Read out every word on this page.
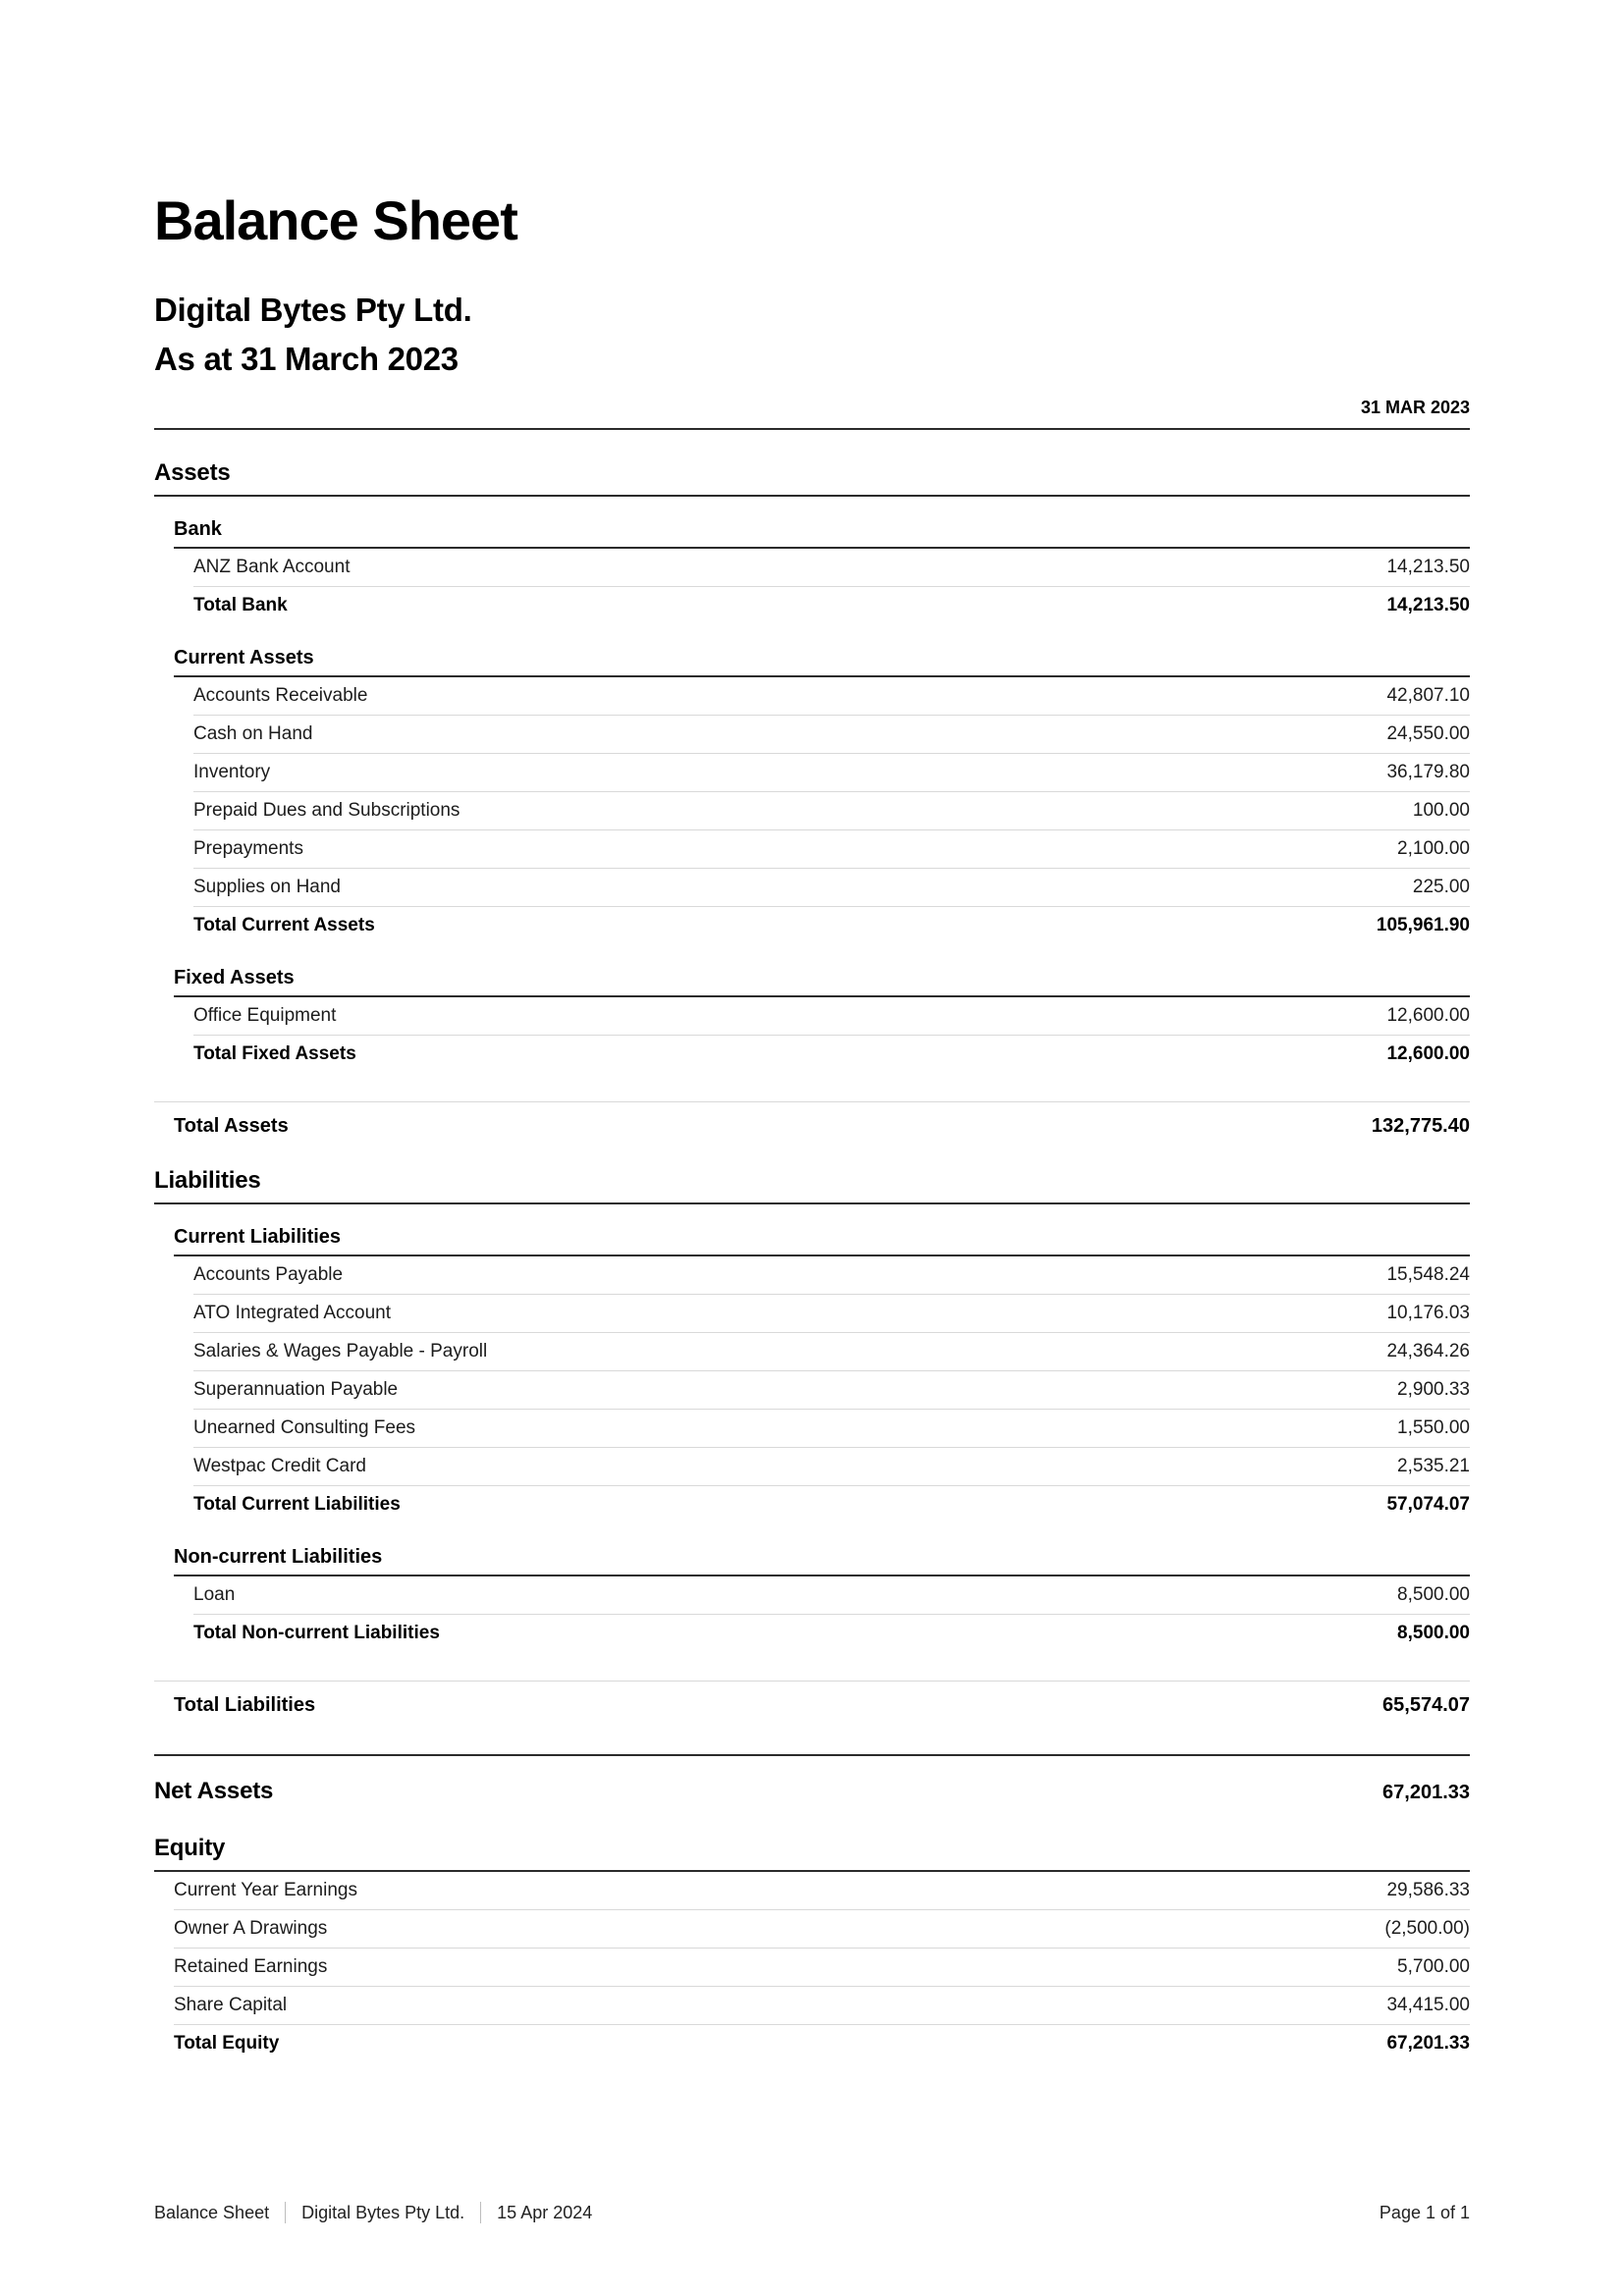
Balance Sheet
Digital Bytes Pty Ltd.
As at 31 March 2023
31 MAR 2023
Assets
Bank
ANZ Bank Account	14,213.50
Total Bank	14,213.50
Current Assets
Accounts Receivable	42,807.10
Cash on Hand	24,550.00
Inventory	36,179.80
Prepaid Dues and Subscriptions	100.00
Prepayments	2,100.00
Supplies on Hand	225.00
Total Current Assets	105,961.90
Fixed Assets
Office Equipment	12,600.00
Total Fixed Assets	12,600.00
Total Assets	132,775.40
Liabilities
Current Liabilities
Accounts Payable	15,548.24
ATO Integrated Account	10,176.03
Salaries & Wages Payable - Payroll	24,364.26
Superannuation Payable	2,900.33
Unearned Consulting Fees	1,550.00
Westpac Credit Card	2,535.21
Total Current Liabilities	57,074.07
Non-current Liabilities
Loan	8,500.00
Total Non-current Liabilities	8,500.00
Total Liabilities	65,574.07
Net Assets	67,201.33
Equity
Current Year Earnings	29,586.33
Owner A Drawings	(2,500.00)
Retained Earnings	5,700.00
Share Capital	34,415.00
Total Equity	67,201.33
Balance Sheet Digital Bytes Pty Ltd. 15 Apr 2024	Page 1 of 1
